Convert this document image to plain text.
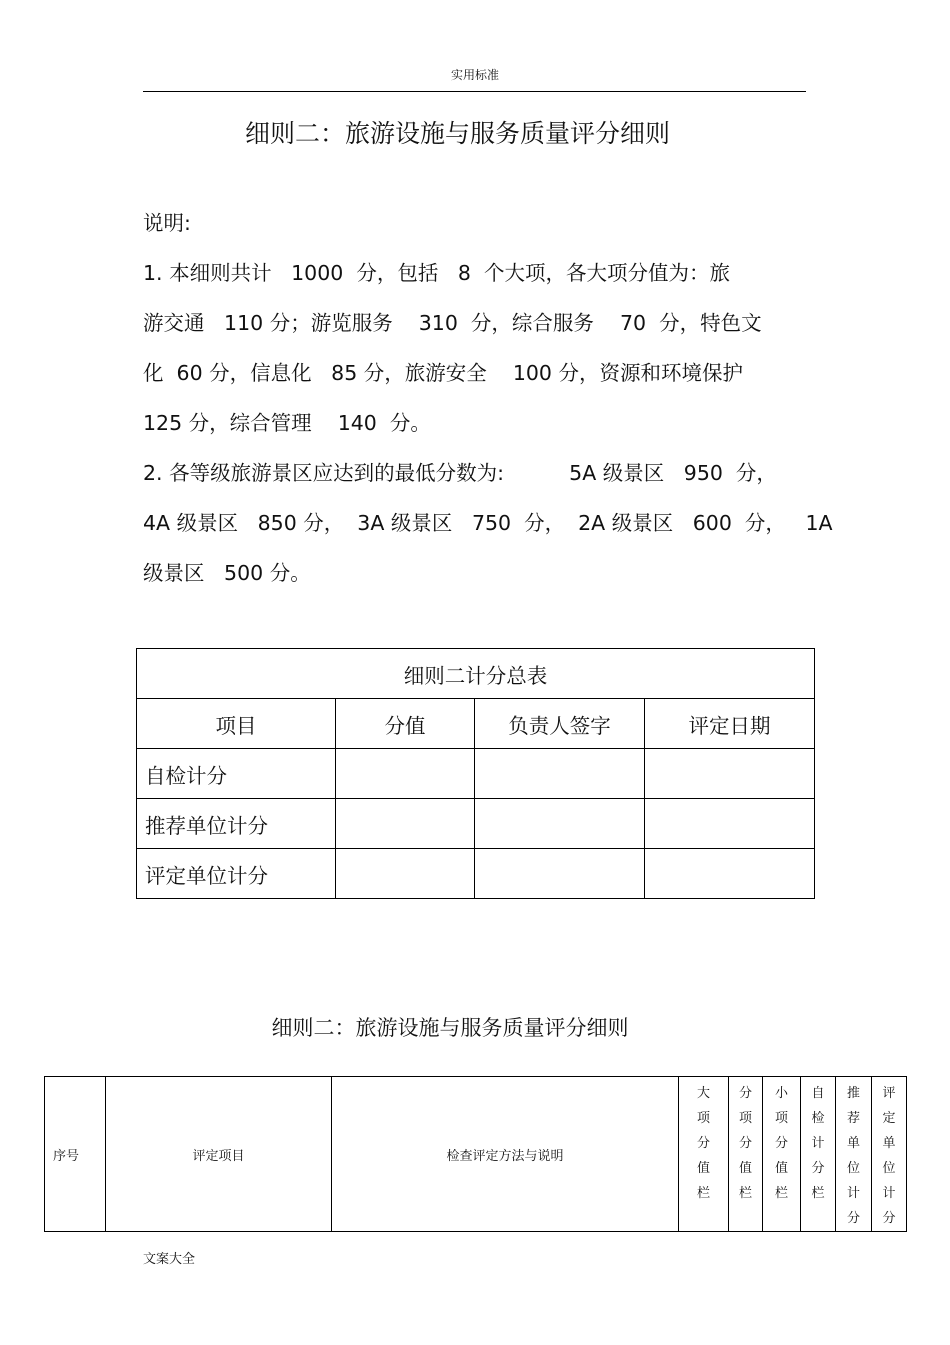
实用标准
细则二：旅游设施与服务质量评分细则
说明:

1. 本细则共计   1000  分，包括   8  个大项，各大项分值为：旅

游交通   110 分；游览服务    310  分，综合服务    70  分，特色文

化  60 分，信息化   85 分，旅游安全    100 分，资源和环境保护

125 分，综合管理    140  分。

2. 各等级旅游景区应达到的最低分数为:          5A 级景区   950  分，

4A 级景区   850 分，  3A 级景区   750  分，  2A 级景区   600  分，   1A

级景区   500 分。

细则二计分总表			
项目	分值	负责人签字	评定日期
自检计分			
推荐单位计分			
评定单位计分			
细则二：旅游设施与服务质量评分细则
序号	评定项目	检查评定方法与说明	大项分值栏	分项分值栏	小项分值栏	自检计分栏	推荐单位计分	评定单位计分
文案大全
